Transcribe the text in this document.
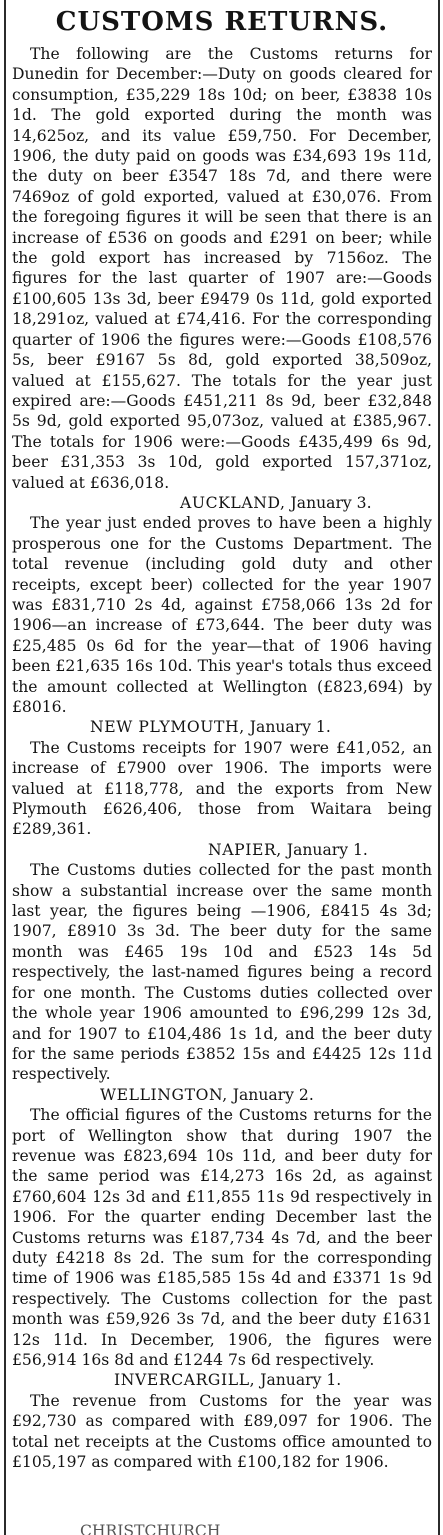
CUSTOMS RETURNS.

The following are the Customs returns for Dunedin for December:—Duty on goods cleared for consumption, £35,229 18s 10d; on beer, £3838 10s 1d. The gold exported during the month was 14,625oz, and its value £59,750. For December, 1906, the duty paid on goods was £34,693 19s 11d, the duty on beer £3547 18s 7d, and there were 7469oz of gold exported, valued at £30,076. From the foregoing figures it will be seen that there is an increase of £536 on goods and £291 on beer; while the gold export has increased by 7156oz. The figures for the last quarter of 1907 are:—Goods £100,605 13s 3d, beer £9479 0s 11d, gold exported 18,291oz, valued at £74,416. For the corresponding quarter of 1906 the figures were:—Goods £108,576 5s, beer £9167 5s 8d, gold exported 38,509oz, valued at £155,627. The totals for the year just expired are:—Goods £451,211 8s 9d, beer £32,848 5s 9d, gold exported 95,073oz, valued at £385,967. The totals for 1906 were:—Goods £435,499 6s 9d, beer £31,353 3s 10d, gold exported 157,371oz, valued at £636,018.

AUCKLAND, January 3.

The year just ended proves to have been a highly prosperous one for the Customs Department. The total revenue (including gold duty and other receipts, except beer) collected for the year 1907 was £831,710 2s 4d, against £758,066 13s 2d for 1906—an increase of £73,644. The beer duty was £25,485 0s 6d for the year—that of 1906 having been £21,635 16s 10d. This year's totals thus exceed the amount collected at Wellington (£823,694) by £8016.

NEW PLYMOUTH, January 1.

The Customs receipts for 1907 were £41,052, an increase of £7900 over 1906. The imports were valued at £118,778, and the exports from New Plymouth £626,406, those from Waitara being £289,361.

NAPIER, January 1.

The Customs duties collected for the past month show a substantial increase over the same month last year, the figures being —1906, £8415 4s 3d; 1907, £8910 3s 3d. The beer duty for the same month was £465 19s 10d and £523 14s 5d respectively, the last-named figures being a record for one month. The Customs duties collected over the whole year 1906 amounted to £96,299 12s 3d, and for 1907 to £104,486 1s 1d, and the beer duty for the same periods £3852 15s and £4425 12s 11d respectively.

WELLINGTON, January 2.

The official figures of the Customs returns for the port of Wellington show that during 1907 the revenue was £823,694 10s 11d, and beer duty for the same period was £14,273 16s 2d, as against £760,604 12s 3d and £11,855 11s 9d respectively in 1906. For the quarter ending December last the Customs returns was £187,734 4s 7d, and the beer duty £4218 8s 2d. The sum for the corresponding time of 1906 was £185,585 15s 4d and £3371 1s 9d respectively. The Customs collection for the past month was £59,926 3s 7d, and the beer duty £1631 12s 11d. In December, 1906, the figures were £56,914 16s 8d and £1244 7s 6d respectively.

INVERCARGILL, January 1.

The revenue from Customs for the year was £92,730 as compared with £89,097 for 1906. The total net receipts at the Customs office amounted to £105,197 as compared with £100,182 for 1906.

CHRISTCHURCH
